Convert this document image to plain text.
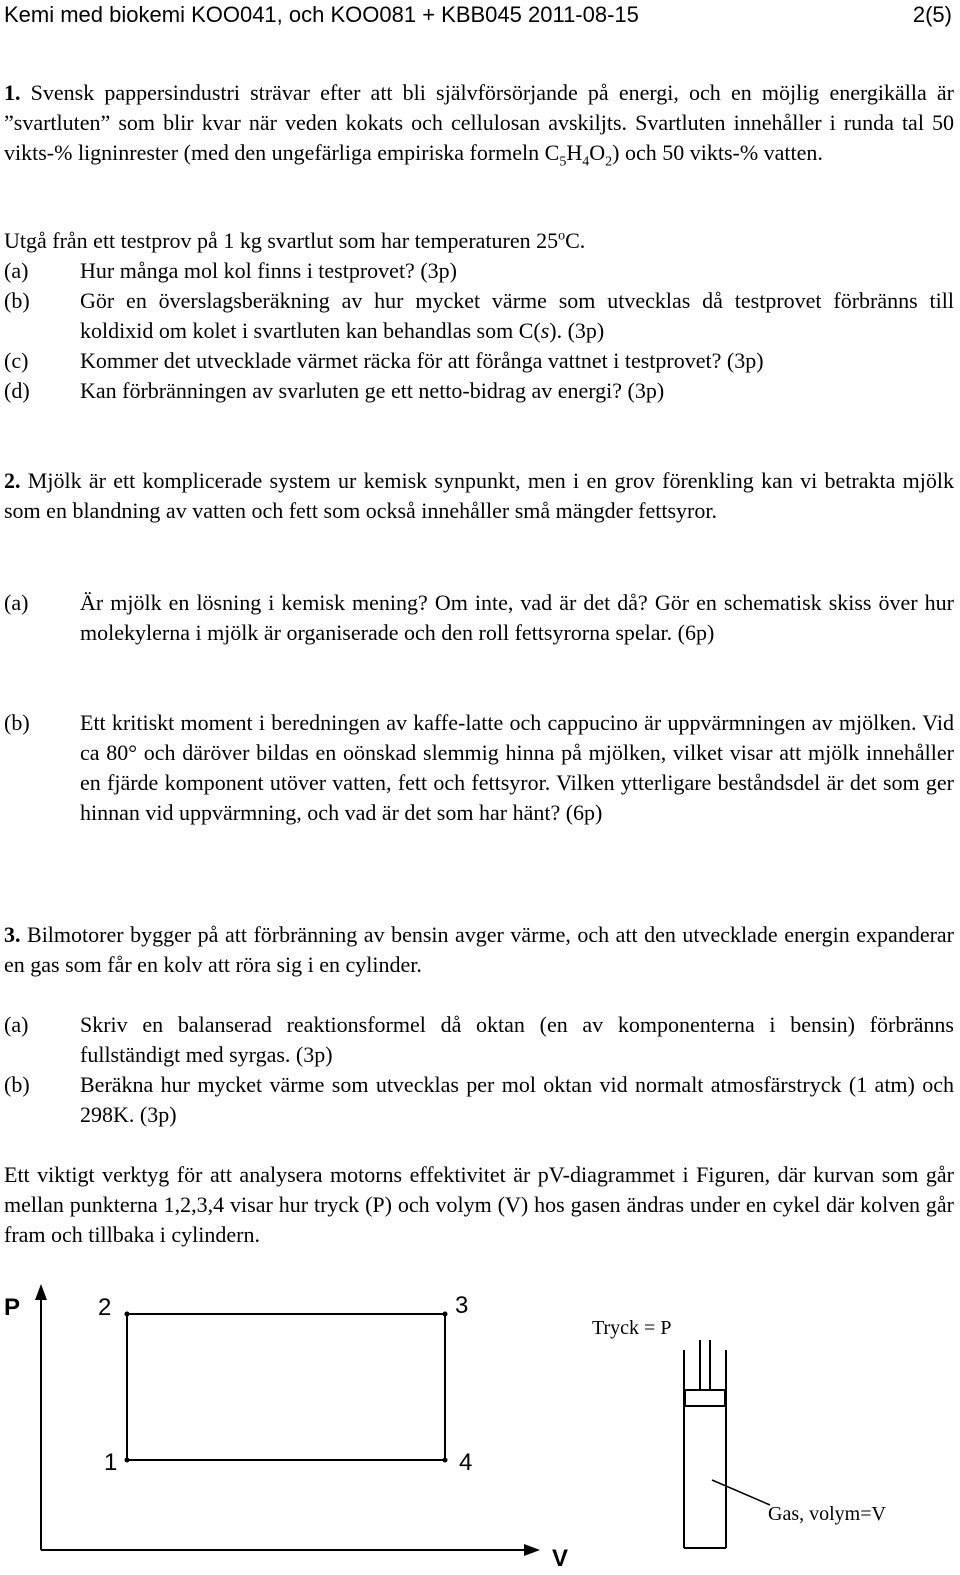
Kemi med biokemi KOO041, och KOO081 + KBB045 2011-08-15	2(5)

1. Svensk pappersindustri strävar efter att bli självförsörjande på energi, och en möjlig energikälla är ”svartluten” som blir kvar när veden kokats och cellulosan avskiljts. Svartluten innehåller i runda tal 50 vikts-% ligninrester (med den ungefärliga empiriska formeln $C_5H_4O_2$) och 50 vikts-% vatten.

Utgå från ett testprov på 1 kg svartlut som har temperaturen 25$^o$C.

(a) Hur många mol kol finns i testprovet? (3p)
(b) Gör en överslagsberäkning av hur mycket värme som utvecklas då testprovet förbränns till koldixid om kolet i svartluten kan behandlas som C(s). (3p)
(c) Kommer det utvecklade värmet räcka för att förånga vattnet i testprovet? (3p)
(d) Kan förbränningen av svarluten ge ett netto-bidrag av energi? (3p)

2. Mjölk är ett komplicerade system ur kemisk synpunkt, men i en grov förenkling kan vi betrakta mjölk som en blandning av vatten och fett som också innehåller små mängder fettsyror.

(a) Är mjölk en lösning i kemisk mening? Om inte, vad är det då? Gör en schematisk skiss över hur molekylerna i mjölk är organiserade och den roll fettsyrorna spelar. (6p)
(b) Ett kritiskt moment i beredningen av kaffe-latte och cappucino är uppvärmningen av mjölken. Vid ca 80° och däröver bildas en oönskad slemmig hinna på mjölken, vilket visar att mjölk innehåller en fjärde komponent utöver vatten, fett och fettsyror. Vilken ytterligare beståndsdel är det som ger hinnan vid uppvärmning, och vad är det som har hänt? (6p)

3. Bilmotorer bygger på att förbränning av bensin avger värme, och att den utvecklade energin expanderar en gas som får en kolv att röra sig i en cylinder.

(a) Skriv en balanserad reaktionsformel då oktan (en av komponenterna i bensin) förbränns fullständigt med syrgas. (3p)
(b) Beräkna hur mycket värme som utvecklas per mol oktan vid normalt atmosfärstryck (1 atm) och 298K. (3p)

Ett viktigt verktyg för att analysera motorns effektivitet är pV-diagrammet i Figuren, där kurvan som går mellan punkterna 1,2,3,4 visar hur tryck (P) och volym (V) hos gasen ändras under en cykel där kolven går fram och tillbaka i cylindern.

P
V
2	3
1	4
Tryck = P
Gas, volym=V
